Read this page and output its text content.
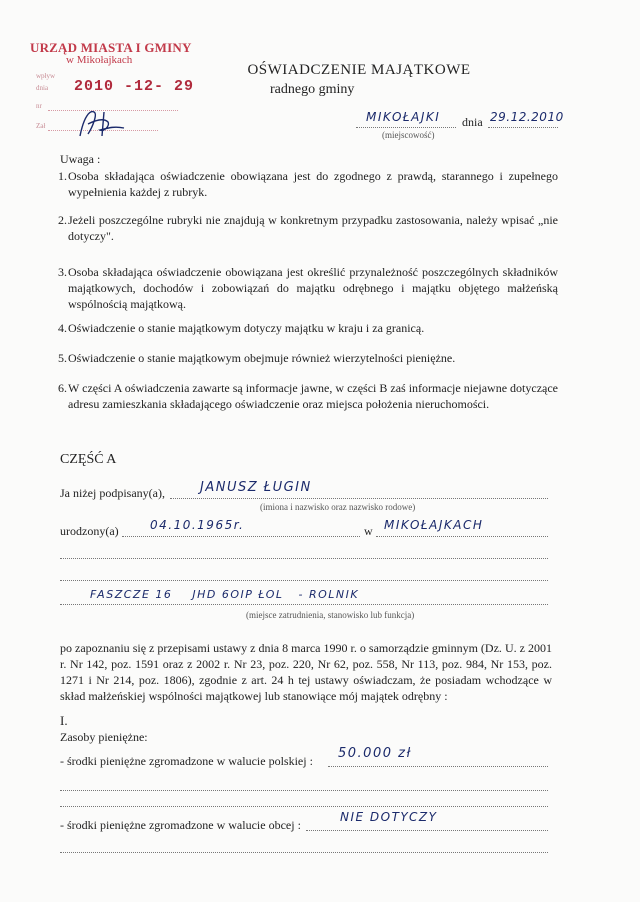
URZĄD MIASTA I GMINY
w Mikołajkach
wpływ
dnia 2010 -12- 29
nr
Zał
OŚWIADCZENIE MAJĄTKOWE
radnego gminy
MIKOŁAJKI dnia 29.12.2010
(miejscowość)
Uwaga :
1. Osoba składająca oświadczenie obowiązana jest do zgodnego z prawdą, starannego i zupełnego wypełnienia każdej z rubryk.
2. Jeżeli poszczególne rubryki nie znajdują w konkretnym przypadku zastosowania, należy wpisać „nie dotyczy".
3. Osoba składająca oświadczenie obowiązana jest określić przynależność poszczególnych składników majątkowych, dochodów i zobowiązań do majątku odrębnego i majątku objętego małżeńską wspólnością majątkową.
4. Oświadczenie o stanie majątkowym dotyczy majątku w kraju i za granicą.
5. Oświadczenie o stanie majątkowym obejmuje również wierzytelności pieniężne.
6. W części A oświadczenia zawarte są informacje jawne, w części B zaś informacje niejawne dotyczące adresu zamieszkania składającego oświadczenie oraz miejsca położenia nieruchomości.
CZĘŚĆ A
Ja niżej podpisany(a),	JANUSZ ŁUGIN
(imiona i nazwisko oraz nazwisko rodowe)
urodzony(a)	04.10.1965r.	w MIKOŁAJKACH
FASZCZE 16    JHD 6OIP ŁOL   - ROLNIK
(miejsce zatrudnienia, stanowisko lub funkcja)
po zapoznaniu się z przepisami ustawy z dnia 8 marca 1990 r. o samorządzie gminnym (Dz. U. z 2001 r. Nr 142, poz. 1591 oraz z 2002 r. Nr 23, poz. 220, Nr 62, poz. 558, Nr 113, poz. 984, Nr 153, poz. 1271 i Nr 214, poz. 1806), zgodnie z art. 24 h tej ustawy oświadczam, że posiadam wchodzące w skład małżeńskiej wspólności majątkowej lub stanowiące mój majątek odrębny :
I.
Zasoby pieniężne:
- środki pieniężne zgromadzone w walucie polskiej : 50.000 zł
- środki pieniężne zgromadzone w walucie obcej :
NIE DOTYCZY
